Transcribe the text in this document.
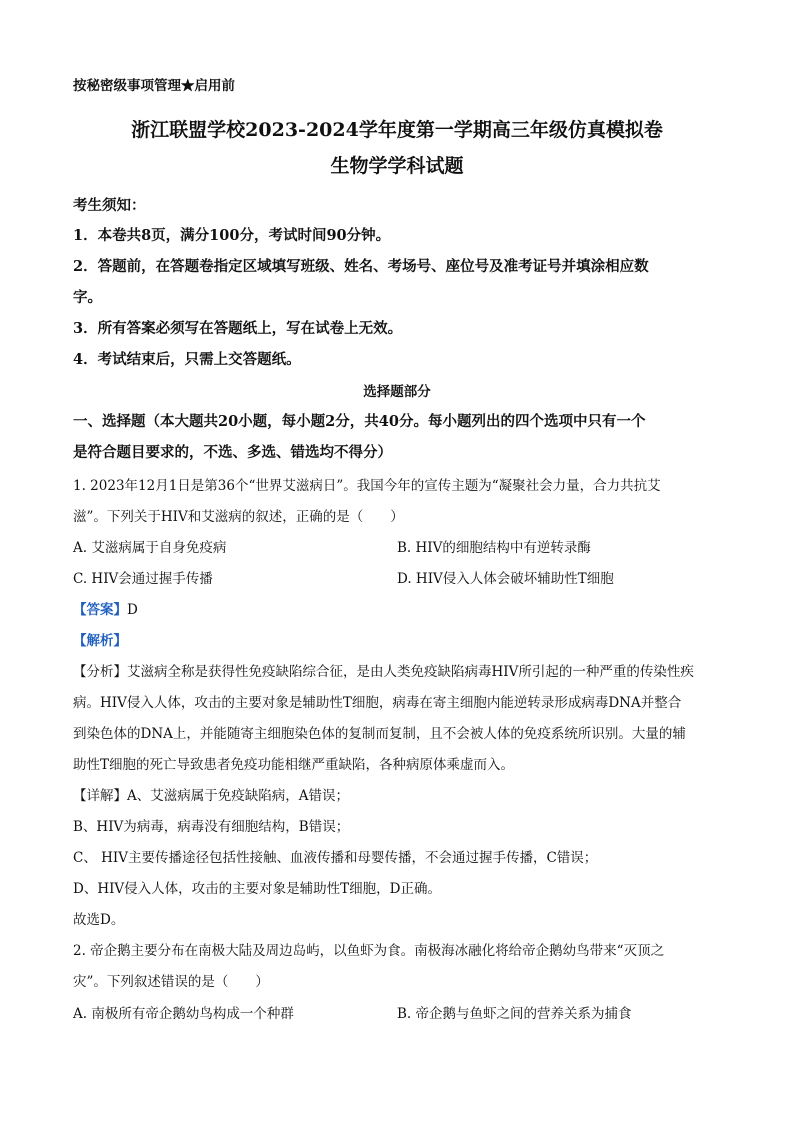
按秘密级事项管理★启用前
浙江联盟学校2023-2024学年度第一学期高三年级仿真模拟卷
生物学学科试题
考生须知：
1．本卷共8页，满分100分，考试时间90分钟。
2．答题前，在答题卷指定区域填写班级、姓名、考场号、座位号及准考证号并填涂相应数
字。
3．所有答案必须写在答题纸上，写在试卷上无效。
4．考试结束后，只需上交答题纸。
选择题部分
一、选择题（本大题共20小题，每小题2分，共40分。每小题列出的四个选项中只有一个
是符合题目要求的，不选、多选、错选均不得分）
1. 2023年12月1日是第36个“世界艾滋病日”。我国今年的宣传主题为“凝聚社会力量，合力共抗艾
滋”。下列关于HIV和艾滋病的叙述，正确的是（　　）
A. 艾滋病属于自身免疫病	B. HIV的细胞结构中有逆转录酶
C. HIV会通过握手传播	D. HIV侵入人体会破坏辅助性T细胞
【答案】D
【解析】
【分析】艾滋病全称是获得性免疫缺陷综合征，是由人类免疫缺陷病毒HIV所引起的一种严重的传染性疾
病。HIV侵入人体，攻击的主要对象是辅助性T细胞，病毒在寄主细胞内能逆转录形成病毒DNA并整合
到染色体的DNA上，并能随寄主细胞染色体的复制而复制，且不会被人体的免疫系统所识别。大量的辅
助性T细胞的死亡导致患者免疫功能相继严重缺陷，各种病原体乘虚而入。
【详解】A、艾滋病属于免疫缺陷病，A错误；
B、HIV为病毒，病毒没有细胞结构，B错误；
C、 HIV主要传播途径包括性接触、血液传播和母婴传播，不会通过握手传播，C错误；
D、HIV侵入人体，攻击的主要对象是辅助性T细胞，D正确。
故选D。
2. 帝企鹅主要分布在南极大陆及周边岛屿，以鱼虾为食。南极海冰融化将给帝企鹅幼鸟带来“灭顶之
灾”。下列叙述错误的是（　　）
A. 南极所有帝企鹅幼鸟构成一个种群	B. 帝企鹅与鱼虾之间的营养关系为捕食
